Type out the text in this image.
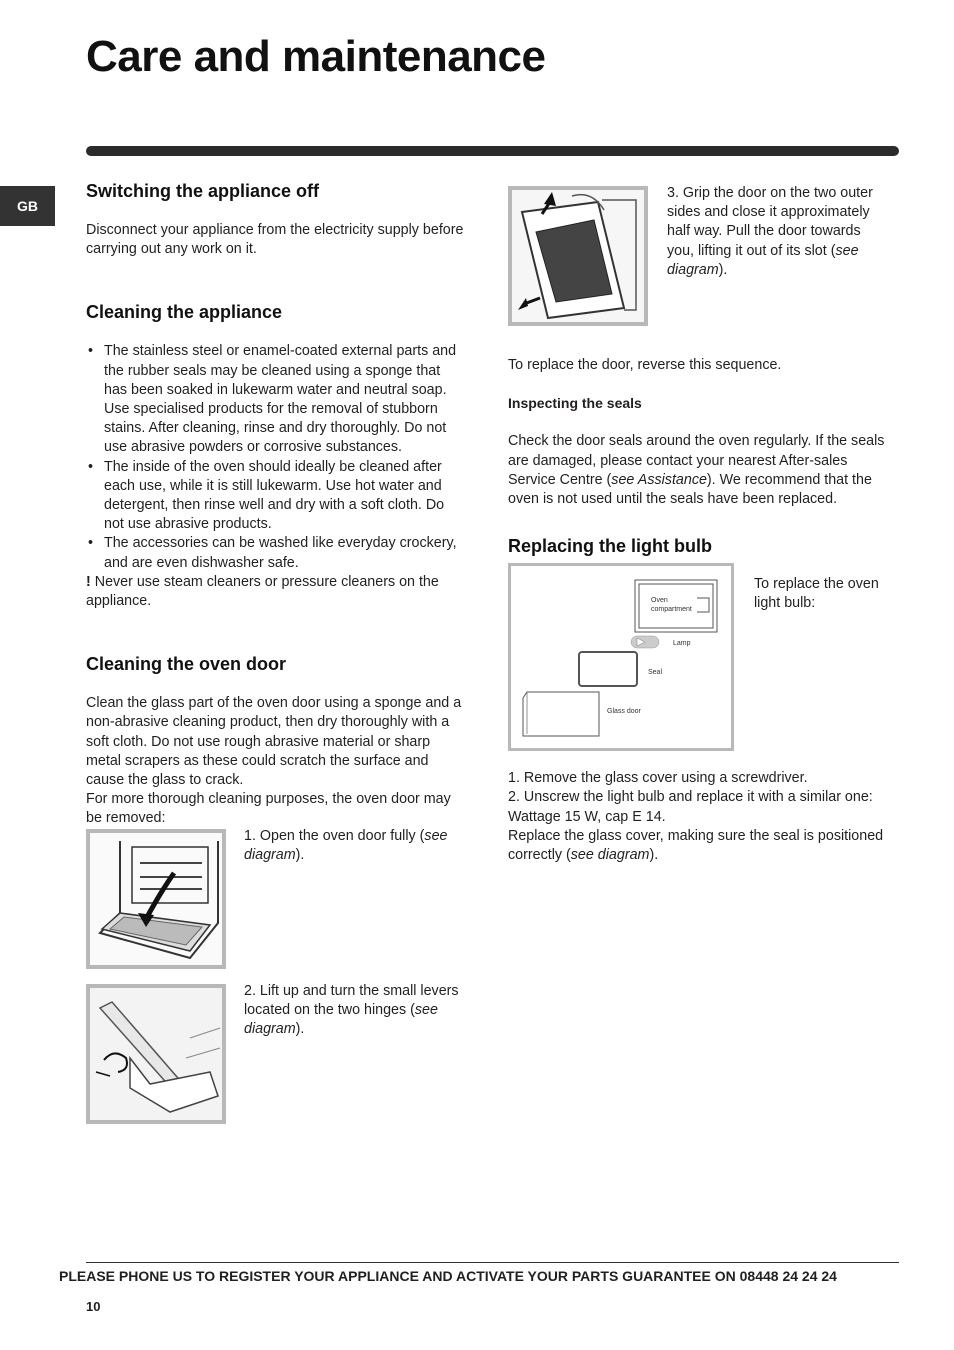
Care and maintenance
GB
Switching the appliance off

Disconnect your appliance from the electricity supply before carrying out any work on it.

Cleaning the appliance
• The stainless steel or enamel-coated external parts and the rubber seals may be cleaned using a sponge that has been soaked in lukewarm water and neutral soap. Use specialised products for the removal of stubborn stains. After cleaning, rinse and dry thoroughly. Do not use abrasive powders or corrosive substances.
• The inside of the oven should ideally be cleaned after each use, while it is still lukewarm. Use hot water and detergent, then rinse well and dry with a soft cloth. Do not use abrasive products.
• The accessories can be washed like everyday crockery, and are even dishwasher safe.

! Never use steam cleaners or pressure cleaners on the appliance.

Cleaning the oven door

Clean the glass part of the oven door using a sponge and a non-abrasive cleaning product, then dry thoroughly with a soft cloth. Do not use rough abrasive material or sharp metal scrapers as these could scratch the surface and cause the glass to crack.

For more thorough cleaning purposes, the oven door may be removed:

1. Open the oven door fully (see diagram).
2. Lift up and turn the small levers located on the two hinges (see diagram).
3. Grip the door on the two outer sides and close it approximately half way. Pull the door towards you, lifting it out of its slot (see diagram).

To replace the door, reverse this sequence.

Inspecting the seals

Check the door seals around the oven regularly. If the seals are damaged, please contact your nearest After-sales Service Centre (see Assistance). We recommend that the oven is not used until the seals have been replaced.

Replacing the light bulb
Oven
compartment
Lamp
Seal
Glass door
To replace the oven light bulb:

1. Remove the glass cover using a screwdriver.

2. Unscrew the light bulb and replace it with a similar one: Wattage 15 W, cap E 14.

Replace the glass cover, making sure the seal is positioned correctly (see diagram).

PLEASE PHONE US TO REGISTER YOUR APPLIANCE AND ACTIVATE YOUR PARTS GUARANTEE ON 08448 24 24 24
10
